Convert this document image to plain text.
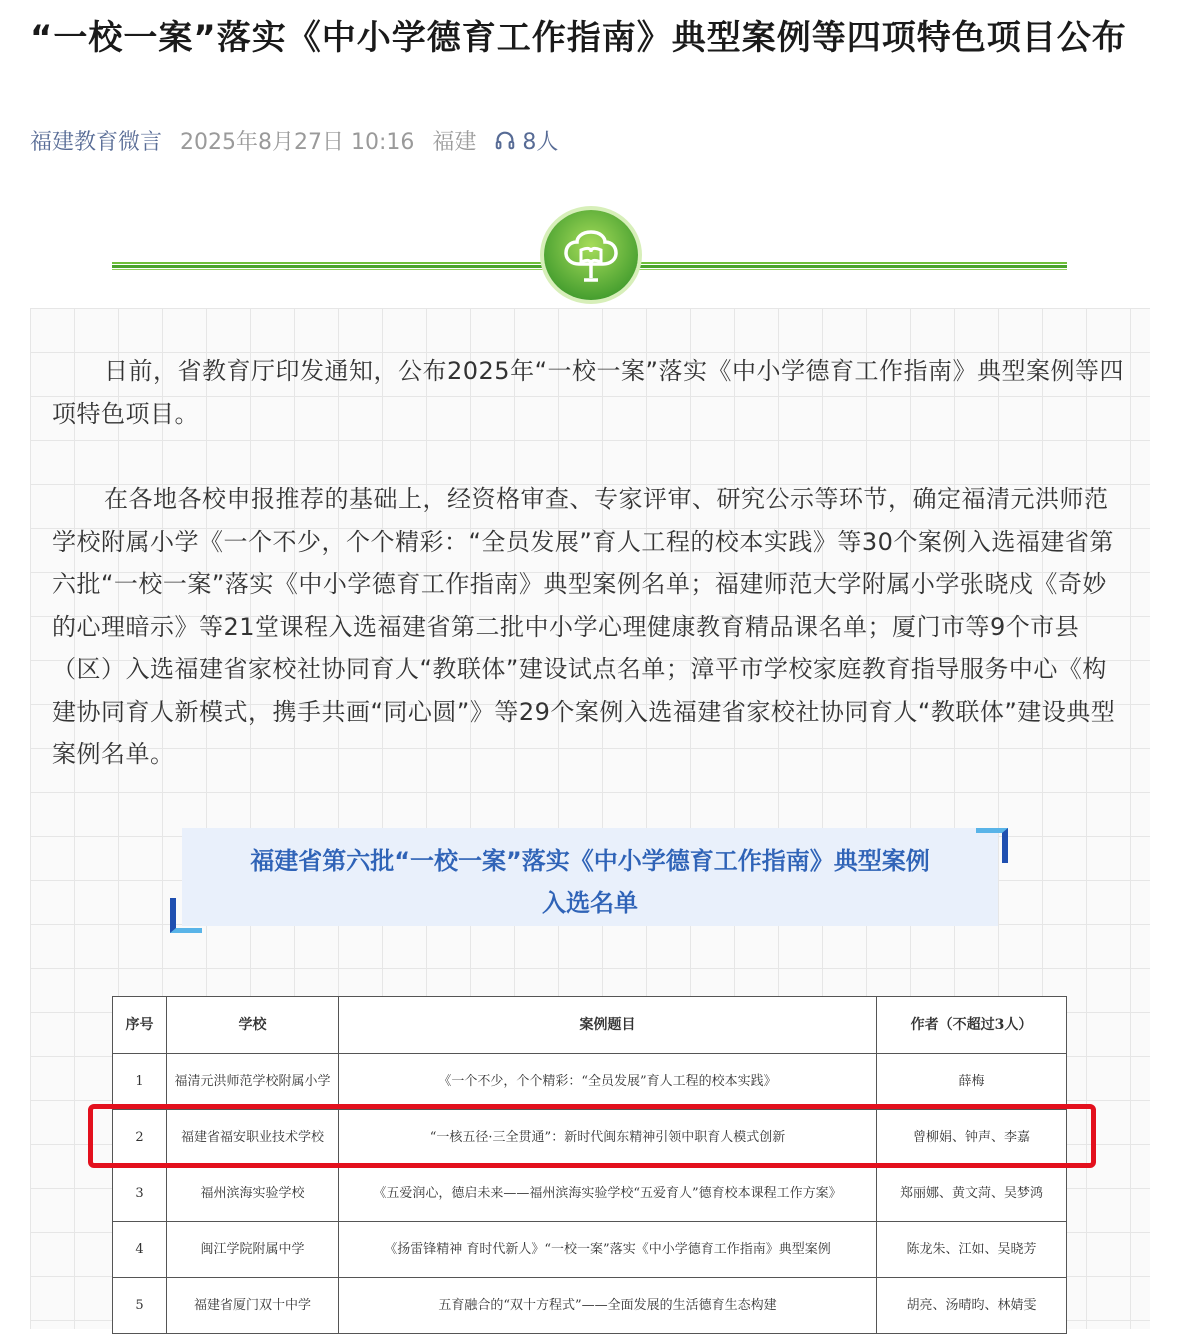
“一校一案”落实《中小学德育工作指南》典型案例等四项特色项目公布
福建教育微言 2025年8月27日 10:16 福建 8人

日前，省教育厅印发通知，公布2025年“一校一案”落实《中小学德育工作指南》典型案例等四项特色项目。

在各地各校申报推荐的基础上，经资格审查、专家评审、研究公示等环节，确定福清元洪师范学校附属小学《一个不少，个个精彩：“全员发展”育人工程的校本实践》等30个案例入选福建省第六批“一校一案”落实《中小学德育工作指南》典型案例名单；福建师范大学附属小学张晓戍《奇妙的心理暗示》等21堂课程入选福建省第二批中小学心理健康教育精品课名单；厦门市等9个市县（区）入选福建省家校社协同育人“教联体”建设试点名单；漳平市学校家庭教育指导服务中心《构建协同育人新模式，携手共画“同心圆”》等29个案例入选福建省家校社协同育人“教联体”建设典型案例名单。

福建省第六批“一校一案”落实《中小学德育工作指南》典型案例
入选名单

序号	学校	案例题目	作者（不超过3人）
1	福清元洪师范学校附属小学	《一个不少，个个精彩：“全员发展”育人工程的校本实践》	薛梅
2	福建省福安职业技术学校	“一核五径·三全贯通”：新时代闽东精神引领中职育人模式创新	曾柳娟、钟声、李嘉
3	福州滨海实验学校	《五爱润心，德启未来——福州滨海实验学校“五爱育人”德育校本课程工作方案》	郑丽娜、黄文菏、吴梦鸿
4	闽江学院附属中学	《扬雷锋精神 育时代新人》“一校一案”落实《中小学德育工作指南》典型案例	陈龙朱、江如、吴晓芳
5	福建省厦门双十中学	五育融合的“双十方程式”——全面发展的生活德育生态构建	胡亮、汤晴昀、林婧雯
